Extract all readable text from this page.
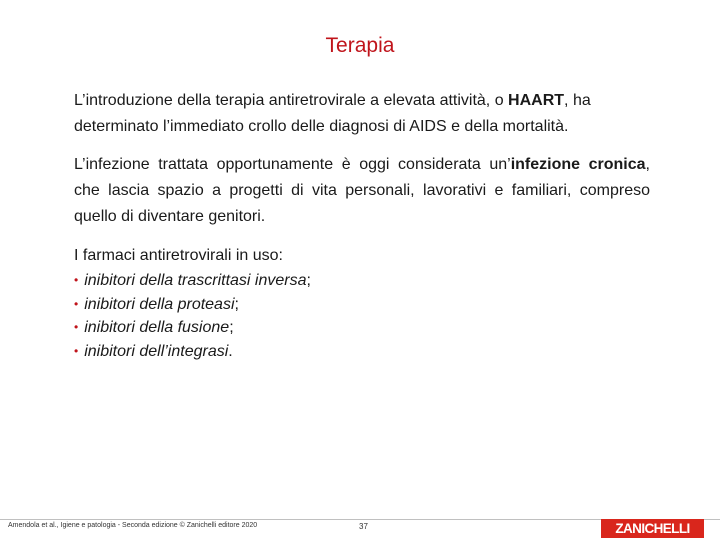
Terapia

L’introduzione della terapia antiretrovirale a elevata attività, o HAART, ha determinato l’immediato crollo delle diagnosi di AIDS e della mortalità.

L’infezione trattata opportunamente è oggi considerata un’infezione cronica, che lascia spazio a progetti di vita personali, lavorativi e familiari, compreso quello di diventare genitori.

I farmaci antiretrovirali in uso:
• inibitori della trascrittasi inversa;
• inibitori della proteasi;
• inibitori della fusione;
• inibitori dell’integrasi.
Amendola et al., Igiene e patologia - Seconda edizione © Zanichelli editore 2020	37	ZANICHELLI
